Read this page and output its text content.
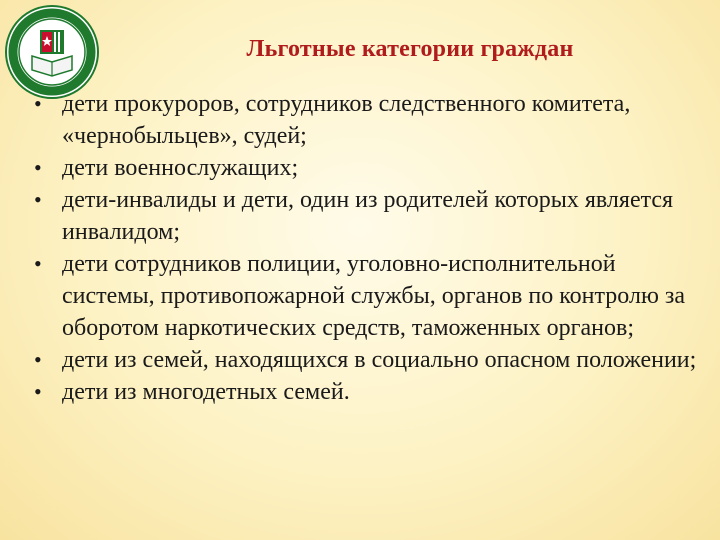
Льготные категории граждан
• дети прокуроров, сотрудников следственного комитета, «чернобыльцев», судей;
• дети военнослужащих;
• дети-инвалиды и дети, один из родителей которых является инвалидом;
• дети сотрудников полиции, уголовно-исполнительной системы, противопожарной службы, органов по контролю за оборотом наркотических средств, таможенных органов;
• дети из семей, находящихся в социально опасном положении;
• дети из многодетных семей.
